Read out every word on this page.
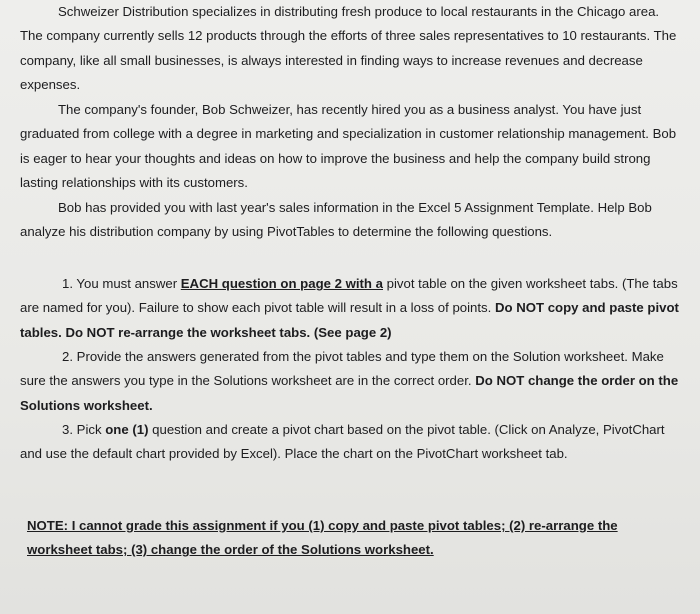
Schweizer Distribution specializes in distributing fresh produce to local restaurants in the Chicago area. The company currently sells 12 products through the efforts of three sales representatives to 10 restaurants. The company, like all small businesses, is always interested in finding ways to increase revenues and decrease expenses.

The company's founder, Bob Schweizer, has recently hired you as a business analyst. You have just graduated from college with a degree in marketing and specialization in customer relationship management. Bob is eager to hear your thoughts and ideas on how to improve the business and help the company build strong lasting relationships with its customers.

Bob has provided you with last year's sales information in the Excel 5 Assignment Template. Help Bob analyze his distribution company by using PivotTables to determine the following questions.

1. You must answer EACH question on page 2 with a pivot table on the given worksheet tabs. (The tabs are named for you). Failure to show each pivot table will result in a loss of points. Do NOT copy and paste pivot tables. Do NOT re-arrange the worksheet tabs. (See page 2)

2. Provide the answers generated from the pivot tables and type them on the Solution worksheet. Make sure the answers you type in the Solutions worksheet are in the correct order. Do NOT change the order on the Solutions worksheet.

3. Pick one (1) question and create a pivot chart based on the pivot table. (Click on Analyze, PivotChart and use the default chart provided by Excel). Place the chart on the PivotChart worksheet tab.

NOTE: I cannot grade this assignment if you (1) copy and paste pivot tables; (2) re-arrange the worksheet tabs; (3) change the order of the Solutions worksheet.
